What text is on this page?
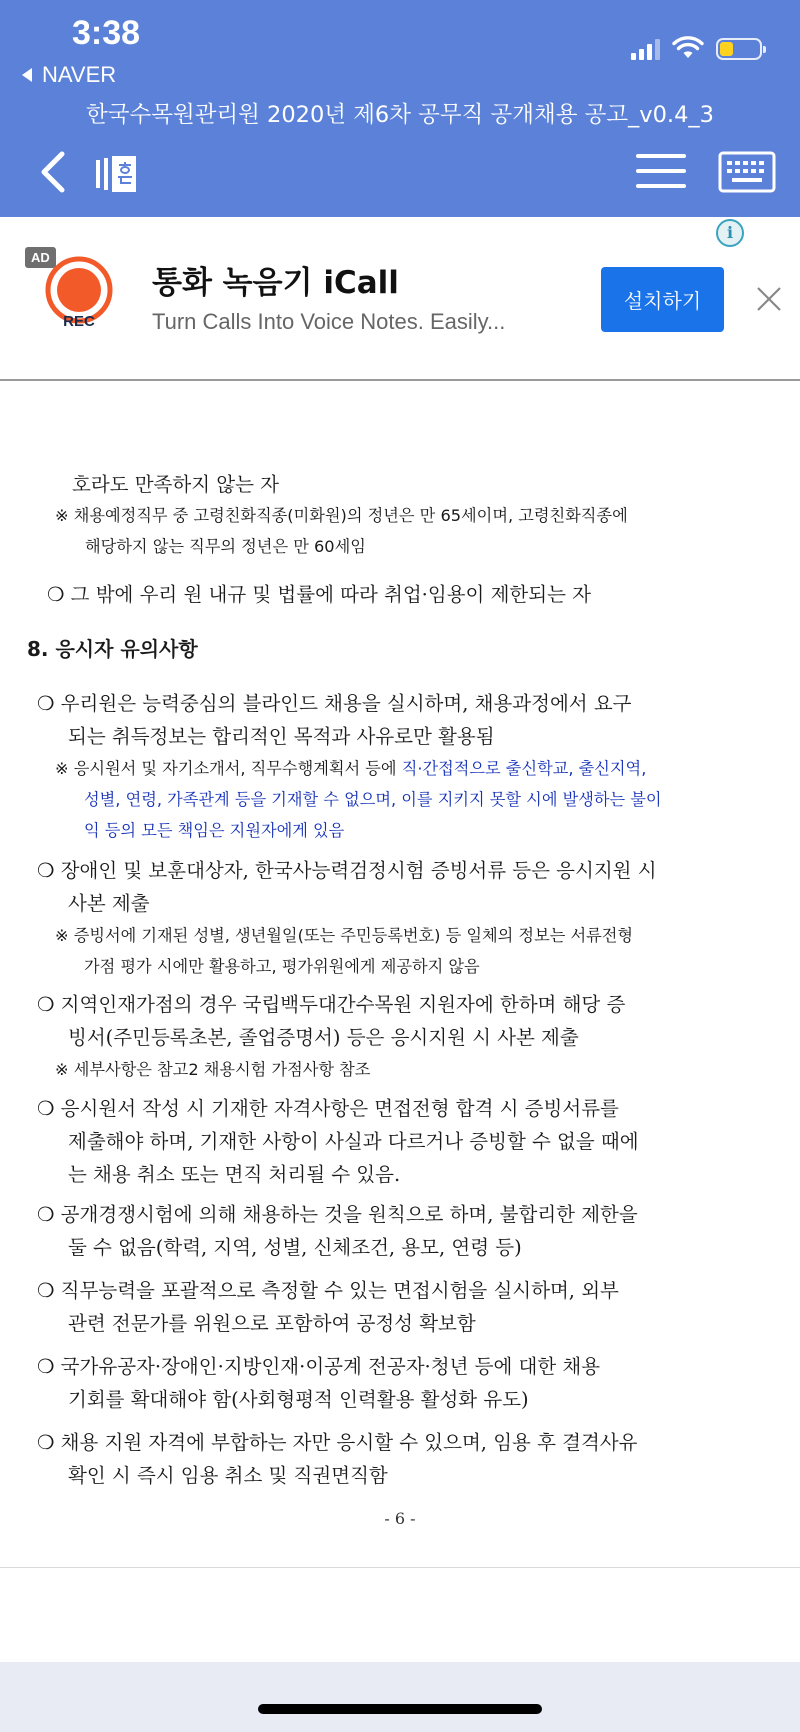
3:38
NAVER
한국수목원관리원 2020년 제6차 공무직 공개채용 공고_v0.4_3
AD
REC
통화 녹음기 iCall
Turn Calls Into Voice Notes. Easily...
i
설치하기
호라도 만족하지 않는 자
※ 채용예정직무 중 고령친화직종(미화원)의 정년은 만 65세이며, 고령친화직종에
해당하지 않는 직무의 정년은 만 60세임
❍ 그 밖에 우리 원 내규 및 법률에 따라 취업·임용이 제한되는 자
8. 응시자 유의사항
❍ 우리원은 능력중심의 블라인드 채용을 실시하며, 채용과정에서 요구
되는 취득정보는 합리적인 목적과 사유로만 활용됨
※ 응시원서 및 자기소개서, 직무수행계획서 등에 직·간접적으로 출신학교, 출신지역,
성별, 연령, 가족관계 등을 기재할 수 없으며, 이를 지키지 못할 시에 발생하는 불이
익 등의 모든 책임은 지원자에게 있음
❍ 장애인 및 보훈대상자, 한국사능력검정시험 증빙서류 등은 응시지원 시
사본 제출
※ 증빙서에 기재된 성별, 생년월일(또는 주민등록번호) 등 일체의 정보는 서류전형
가점 평가 시에만 활용하고, 평가위원에게 제공하지 않음
❍ 지역인재가점의 경우 국립백두대간수목원 지원자에 한하며 해당 증
빙서(주민등록초본, 졸업증명서) 등은 응시지원 시 사본 제출
※ 세부사항은 참고2 채용시험 가점사항 참조
❍ 응시원서 작성 시 기재한 자격사항은 면접전형 합격 시 증빙서류를
제출해야 하며, 기재한 사항이 사실과 다르거나 증빙할 수 없을 때에
는 채용 취소 또는 면직 처리될 수 있음.
❍ 공개경쟁시험에 의해 채용하는 것을 원칙으로 하며, 불합리한 제한을
둘 수 없음(학력, 지역, 성별, 신체조건, 용모, 연령 등)
❍ 직무능력을 포괄적으로 측정할 수 있는 면접시험을 실시하며, 외부
관련 전문가를 위원으로 포함하여 공정성 확보함
❍ 국가유공자·장애인·지방인재·이공계 전공자·청년 등에 대한 채용
기회를 확대해야 함(사회형평적 인력활용 활성화 유도)
❍ 채용 지원 자격에 부합하는 자만 응시할 수 있으며, 임용 후 결격사유
확인 시 즉시 임용 취소 및 직권면직함
- 6 -
